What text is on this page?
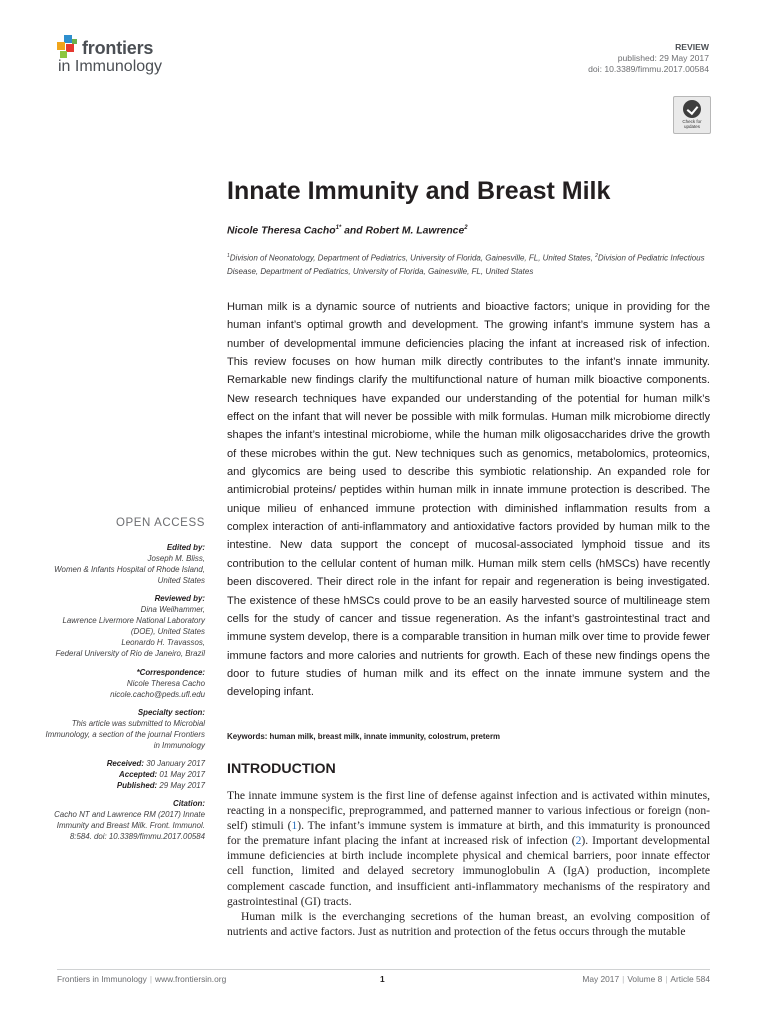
frontiers
in Immunology
REVIEW
published: 29 May 2017
doi: 10.3389/fimmu.2017.00584
Check for updates
Innate Immunity and Breast Milk
Nicole Theresa Cacho$^{1*}$ and Robert M. Lawrence$^2$
$^1$Division of Neonatology, Department of Pediatrics, University of Florida, Gainesville, FL, United States, $^2$Division of Pediatric Infectious Disease, Department of Pediatrics, University of Florida, Gainesville, FL, United States
Human milk is a dynamic source of nutrients and bioactive factors; unique in providing for the human infant’s optimal growth and development. The growing infant’s immune system has a number of developmental immune deficiencies placing the infant at increased risk of infection. This review focuses on how human milk directly contributes to the infant’s innate immunity. Remarkable new findings clarify the multifunctional nature of human milk bioactive components. New research techniques have expanded our understanding of the potential for human milk’s effect on the infant that will never be possible with milk formulas. Human milk microbiome directly shapes the infant’s intestinal microbiome, while the human milk oligosaccharides drive the growth of these microbes within the gut. New techniques such as genomics, metabolomics, proteomics, and glycomics are being used to describe this symbiotic relationship. An expanded role for antimicrobial proteins/ peptides within human milk in innate immune protection is described. The unique milieu of enhanced immune protection with diminished inflammation results from a complex interaction of anti-inflammatory and antioxidative factors provided by human milk to the intestine. New data support the concept of mucosal-associated lymphoid tissue and its contribution to the cellular content of human milk. Human milk stem cells (hMSCs) have recently been discovered. Their direct role in the infant for repair and regeneration is being investigated. The existence of these hMSCs could prove to be an easily harvested source of multilineage stem cells for the study of cancer and tissue regeneration. As the infant’s gastrointestinal tract and immune system develop, there is a comparable transition in human milk over time to provide fewer immune factors and more calories and nutrients for growth. Each of these new findings opens the door to future studies of human milk and its effect on the innate immune system and the developing infant.
Keywords: human milk, breast milk, innate immunity, colostrum, preterm
OPEN ACCESS
Edited by:
Joseph M. Bliss,
Women & Infants Hospital of Rhode Island, United States
Reviewed by:
Dina Weilhammer,
Lawrence Livermore National Laboratory (DOE), United States
Leonardo H. Travassos,
Federal University of Rio de Janeiro, Brazil
*Correspondence:
Nicole Theresa Cacho
nicole.cacho@peds.ufl.edu
Specialty section:
This article was submitted to Microbial Immunology, a section of the journal Frontiers in Immunology
Received: 30 January 2017
Accepted: 01 May 2017
Published: 29 May 2017
Citation:
Cacho NT and Lawrence RM (2017) Innate Immunity and Breast Milk. Front. Immunol. 8:584. doi: 10.3389/fimmu.2017.00584
INTRODUCTION
The innate immune system is the first line of defense against infection and is activated within minutes, reacting in a nonspecific, preprogrammed, and patterned manner to various infectious or foreign (non-self) stimuli (1). The infant’s immune system is immature at birth, and this immaturity is pronounced for the premature infant placing the infant at increased risk of infection (2). Important developmental immune deficiencies at birth include incomplete physical and chemical barriers, poor innate effector cell function, limited and delayed secretory immunoglobulin A (IgA) production, incomplete complement cascade function, and insufficient anti-inflammatory mechanisms of the respiratory and gastrointestinal (GI) tracts.
Human milk is the everchanging secretions of the human breast, an evolving composition of nutrients and active factors. Just as nutrition and protection of the fetus occurs through the mutable
Frontiers in Immunology | www.frontiersin.org	1	May 2017 | Volume 8 | Article 584
